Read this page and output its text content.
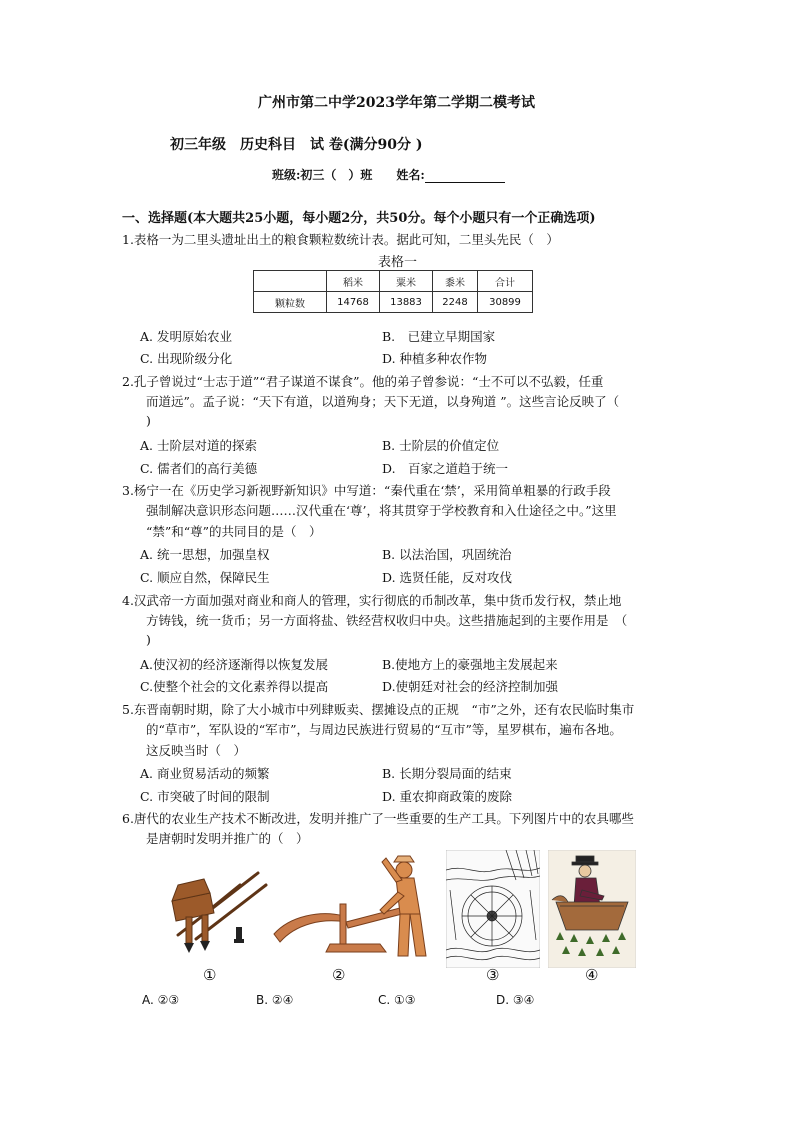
广州市第二中学2023学年第二学期二模考试
初三年级　历史科目　试 卷(满分90分 )
班级:初三（　）班　　姓名:
一、选择题(本大题共25小题，每小题2分，共50分。每个小题只有一个正确选项)
1.表格一为二里头遗址出土的粮食颗粒数统计表。据此可知，二里头先民（　）
表格一
	稻米	粟米	黍米	合计
颗粒数	14768	13883	2248	30899
A. 发明原始农业	B.　已建立早期国家
C. 出现阶级分化	D. 种植多种农作物
2.孔子曾说过“士志于道”“君子谋道不谋食”。他的弟子曾参说：“士不可以不弘毅，任重
而道远”。孟子说：“天下有道，以道殉身；天下无道，以身殉道 ”。这些言论反映了（
)
A. 士阶层对道的探索	B. 士阶层的价值定位
C. 儒者们的高行美德	D.　百家之道趋于统一
3.杨宁一在《历史学习新视野新知识》中写道：“秦代重在‘禁’，采用简单粗暴的行政手段
强制解决意识形态问题……汉代重在‘尊’，将其贯穿于学校教育和入仕途径之中。”这里
“禁”和“尊”的共同目的是（　）
A. 统一思想，加强皇权	B. 以法治国，巩固统治
C. 顺应自然，保障民生	D. 选贤任能，反对攻伐
4.汉武帝一方面加强对商业和商人的管理，实行彻底的币制改革，集中货币发行权，禁止地
方铸钱，统一货币；另一方面将盐、铁经营权收归中央。这些措施起到的主要作用是　（
)
A.使汉初的经济逐渐得以恢复发展	B.使地方上的豪强地主发展起来
C.使整个社会的文化素养得以提高	D.使朝廷对社会的经济控制加强
5.东晋南朝时期，除了大小城市中列肆贩卖、摆摊设点的正规　“市”之外，还有农民临时集市
的“草市”，军队设的“军市”，与周边民族进行贸易的“互市”等，星罗棋布，遍布各地。
这反映当时（　）
A. 商业贸易活动的频繁	B. 长期分裂局面的结束
C. 市突破了时间的限制	D. 重农抑商政策的废除
6.唐代的农业生产技术不断改进，发明并推广了一些重要的生产工具。下列图片中的农具哪些
是唐朝时发明并推广的（　）
①	②	③	④
A. ②③	B. ②④	C. ①③	D. ③④
